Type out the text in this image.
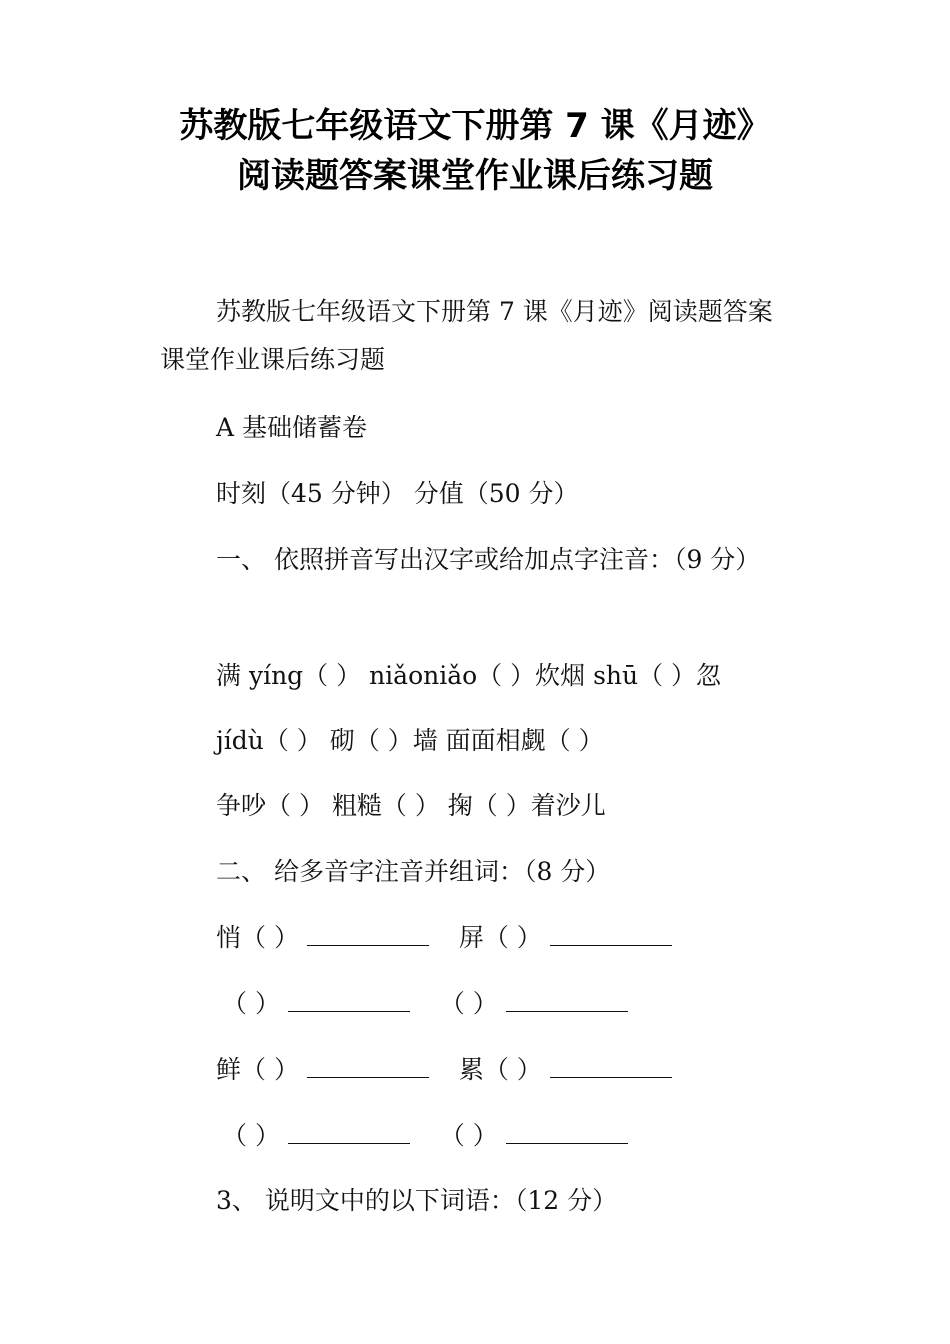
苏教版七年级语文下册第 7 课《月迹》
阅读题答案课堂作业课后练习题
苏教版七年级语文下册第 7 课《月迹》阅读题答案课堂作业课后练习题
A 基础储蓄卷
时刻（45 分钟） 分值（50 分）
一、 依照拼音写出汉字或给加点字注音：（9 分）
满 yíng（ ） niǎoniǎo（ ）炊烟 shū（ ）忽
jídù（ ） 砌（ ）墙 面面相觑（ ）
争吵（ ） 粗糙（ ） 掬（ ）着沙儿
二、 给多音字注音并组词：（8 分）
悄（ ）	屏（ ）
（ ）	（ ）
鲜（ ）	累（ ）
（ ）	（ ）
3、 说明文中的以下词语：（12 分）
